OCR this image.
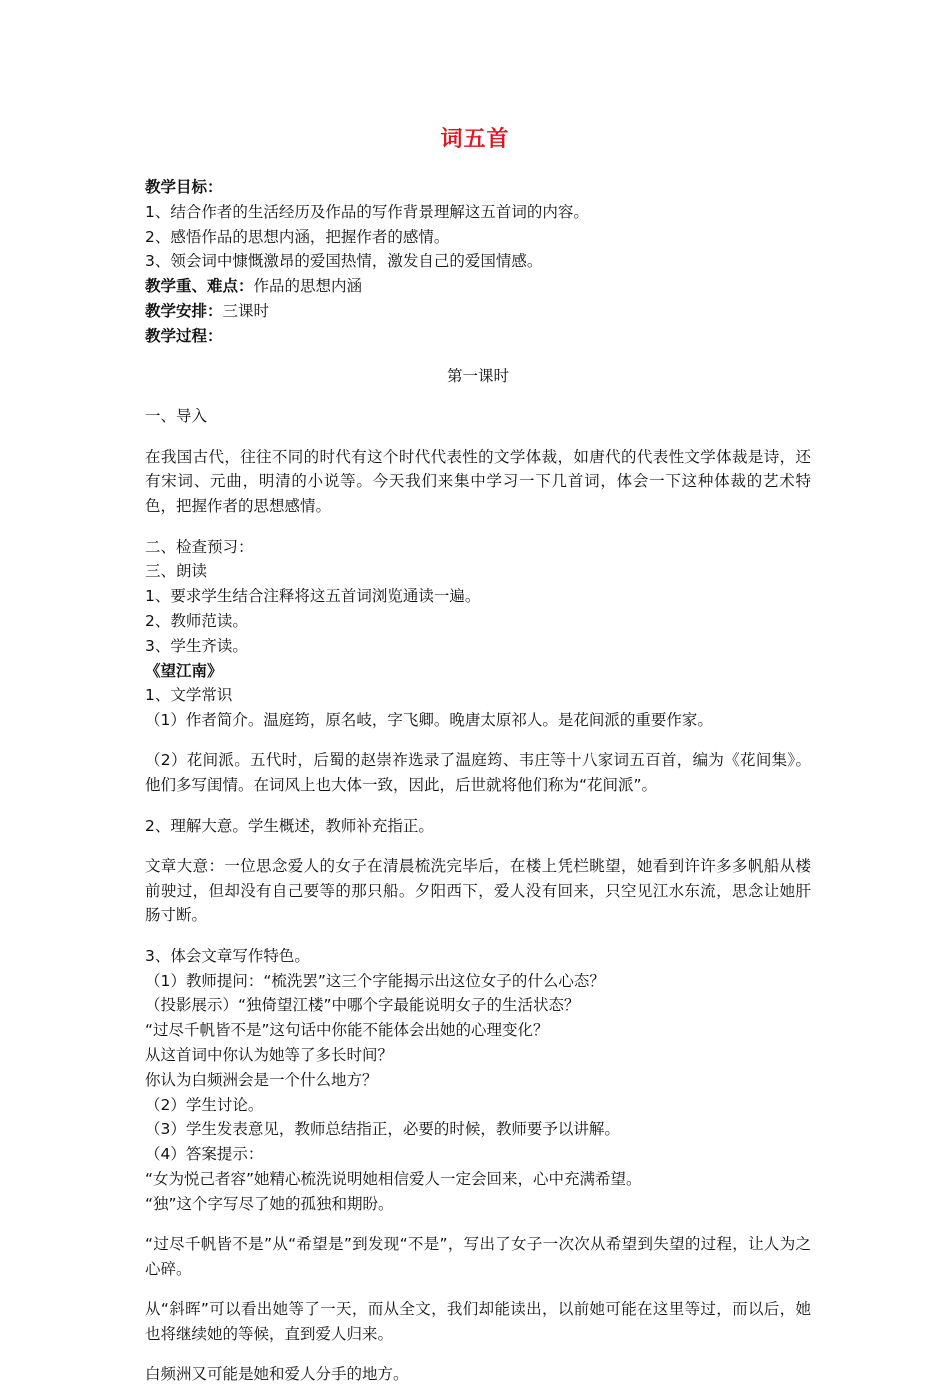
词五首

教学目标：

1、结合作者的生活经历及作品的写作背景理解这五首词的内容。

2、感悟作品的思想内涵，把握作者的感情。

3、领会词中慷慨激昂的爱国热情，激发自己的爱国情感。

教学重、难点：作品的思想内涵

教学安排：三课时

教学过程：

第一课时

一、导入

在我国古代，往往不同的时代有这个时代代表性的文学体裁，如唐代的代表性文学体裁是诗，还有宋词、元曲，明清的小说等。今天我们来集中学习一下几首词，体会一下这种体裁的艺术特色，把握作者的思想感情。

二、检查预习：

三、朗读

1、要求学生结合注释将这五首词浏览通读一遍。

2、教师范读。

3、学生齐读。

《望江南》

1、文学常识

（1）作者简介。温庭筠，原名岐，字飞卿。晚唐太原祁人。是花间派的重要作家。

（2）花间派。五代时，后蜀的赵崇祚选录了温庭筠、韦庄等十八家词五百首，编为《花间集》。他们多写闺情。在词风上也大体一致，因此，后世就将他们称为“花间派”。

2、理解大意。学生概述，教师补充指正。

文章大意：一位思念爱人的女子在清晨梳洗完毕后，在楼上凭栏眺望，她看到许许多多帆船从楼前驶过，但却没有自己要等的那只船。夕阳西下，爱人没有回来，只空见江水东流，思念让她肝肠寸断。

3、体会文章写作特色。

（1）教师提问：“梳洗罢”这三个字能揭示出这位女子的什么心态？

（投影展示）“独倚望江楼”中哪个字最能说明女子的生活状态？

“过尽千帆皆不是”这句话中你能不能体会出她的心理变化？

从这首词中你认为她等了多长时间？

你认为白频洲会是一个什么地方？

（2）学生讨论。

（3）学生发表意见，教师总结指正，必要的时候，教师要予以讲解。

（4）答案提示：

“女为悦己者容”她精心梳洗说明她相信爱人一定会回来，心中充满希望。

“独”这个字写尽了她的孤独和期盼。

“过尽千帆皆不是”从“希望是”到发现“不是”，写出了女子一次次从希望到失望的过程，让人为之心碎。

从“斜晖”可以看出她等了一天，而从全文，我们却能读出，以前她可能在这里等过，而以后，她也将继续她的等候，直到爱人归来。

白频洲又可能是她和爱人分手的地方。
